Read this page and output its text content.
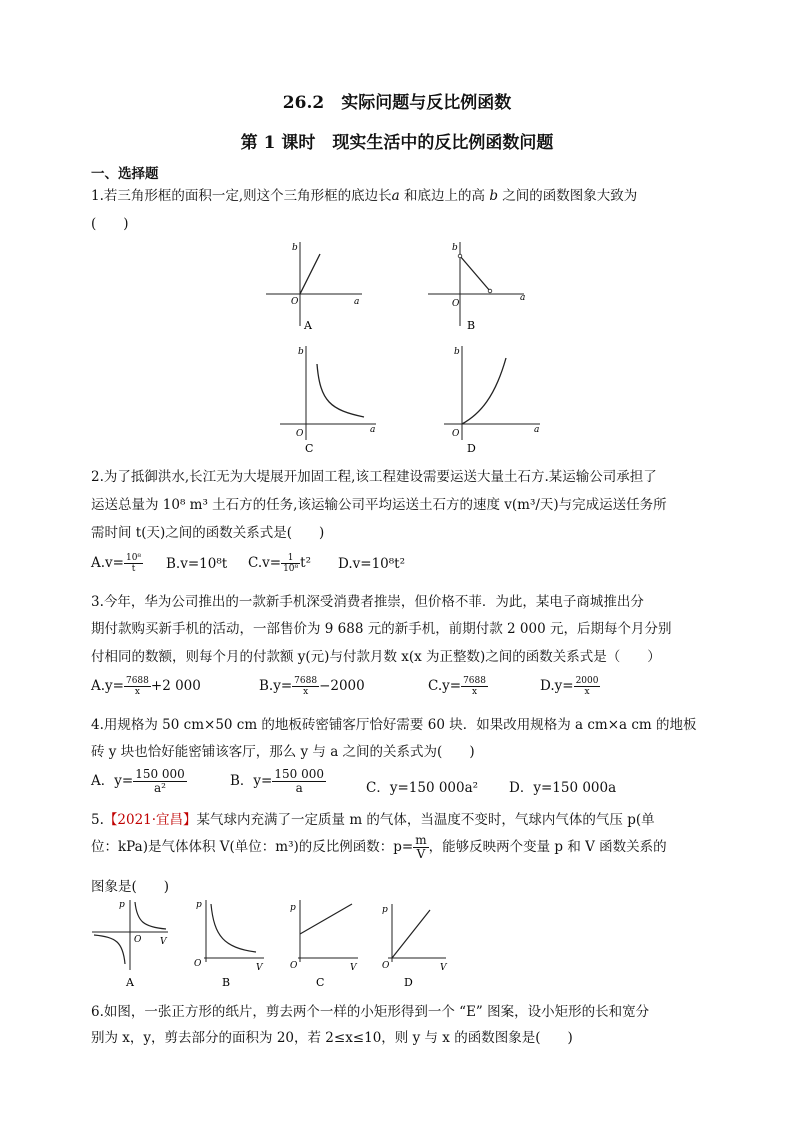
26.2　实际问题与反比例函数
第 1 课时　现实生活中的反比例函数问题
一、选择题
1.若三角形框的面积一定,则这个三角形框的底边长a 和底边上的高 b 之间的函数图象大致为
(　　)
b
a
O
A
b
a
O
B
b
a
O
C
b
a
O
D
2.为了抵御洪水,长江无为大堤展开加固工程,该工程建设需要运送大量土石方.某运输公司承担了
运送总量为 10⁸ m³ 土石方的任务,该运输公司平均运送土石方的速度 v(m³/天)与完成运送任务所
需时间 t(天)之间的函数关系式是(　　)
$A.v= \frac{\text{10⁸}}{t} B.v=10^8t$ $C.v= \frac{1}{\text{10⁸}} t^2$ D.v=10⁸t²
3.今年，华为公司推出的一款新手机深受消费者推崇，但价格不菲．为此，某电子商城推出分
期付款购买新手机的活动，一部售价为 9 688 元的新手机，前期付款 2 000 元，后期每个月分别
付相同的数额，则每个月的付款额 y(元)与付款月数 x(x 为正整数)之间的函数关系式是（　　）
$A.y= \frac{7688}{x} +2$ 000	$B.y= \frac{7688}{x} -2000$	$C.y= \frac{7688}{x}$	$D.y= \frac{2000}{x}$
4.用规格为 50 cm×50 cm 的地板砖密铺客厅恰好需要 60 块．如果改用规格为 a cm×a cm 的地板
砖 y 块也恰好能密铺该客厅，那么 y 与 a 之间的关系式为(　　)
A．$y= \frac{150 000}{\text{a²}}$	B．$y= \frac{150 000}{a}$	C．y=150 000a² D．y=150 000a
5.【2021·宜昌】某气球内充满了一定质量 m 的气体，当温度不变时，气球内气体的气压 p(单
位：kPa)是气体体积 V(单位：m³)的反比例函数：$p= \frac{m}{V}$ ，能够反映两个变量 p 和 V 函数关系的
图象是(　　)
p
V
O
A
p
V
O
B
p
V
O
C
p
V
O
D
6.如图，一张正方形的纸片，剪去两个一样的小矩形得到一个 “E” 图案，设小矩形的长和宽分
别为 x，y，剪去部分的面积为 20，若 2≤x≤10，则 y 与 x 的函数图象是(　　)
